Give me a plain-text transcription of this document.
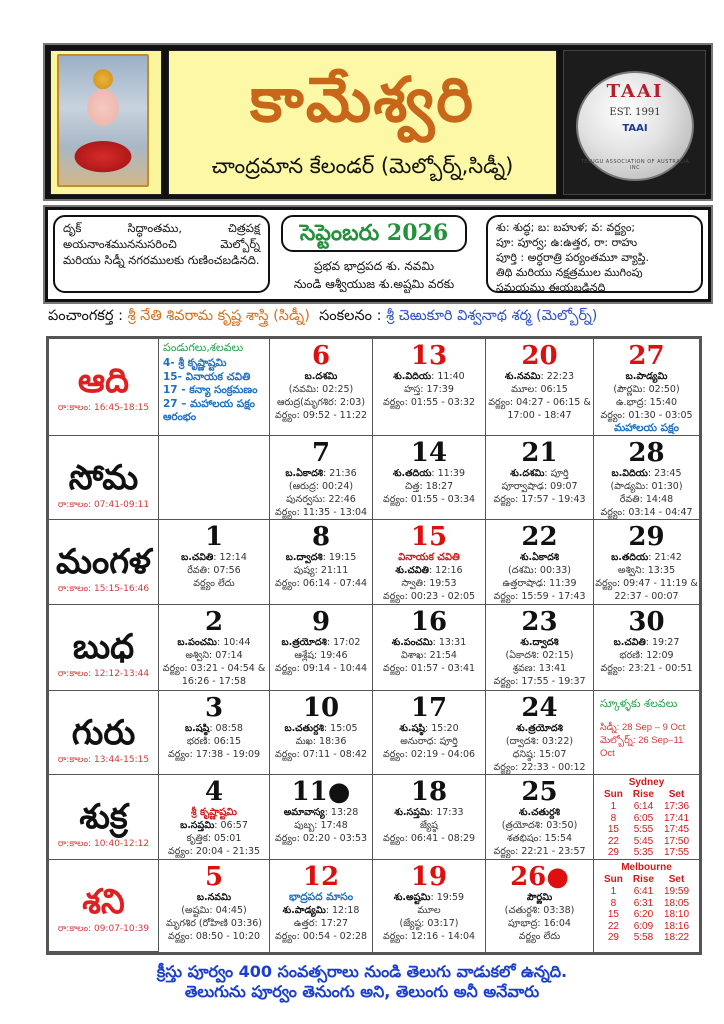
కామేశ్వరి
చాంద్రమాన కేలండర్ (మెల్బోర్న్,సిడ్నీ)
TAAI
EST. 1991
TAAI
TELUGU ASSOCIATION OF AUSTRALIA INC
దృక్ సిద్ధాంతము, చిత్రపక్ష అయనాంశముననుసరించి మెల్బోర్న్ మరియు సిడ్నీ నగరములకు గుణించబడినది.
సెప్టెంబరు 2026
ప్రభవ భాద్రపద శు. నవమి
నుండి ఆశ్వీయుజ శు.అష్టమి వరకు
శు: శుద్ధ; బ: బహుళ; వ: వర్జ్యం;
పూ: పూర్వ; ఉ:ఉత్తర, రా: రాహు
పూర్తి : అర్ధరాత్రి పర్యంతమూ వ్యాప్తి.
తిథి మరియు నక్షత్రముల ముగింపు సమయము ఈయబడినది
పంచాంగకర్త : శ్రీ నేతి శివరామ కృష్ణ శాస్త్రి (సిడ్నీ) సంకలనం : శ్రీ చెఱుకూరి విశ్వనాథ శర్మ (మెల్బోర్న్)
ఆది
రా:కాలం: 16:45-18:15
పండుగలు,శలవలు
4- శ్రీ కృష్ణాష్టమి
15- వినాయక చవితి
17 - కన్యా సంక్రమణం
27 – మహాలయ పక్షం ఆరంభం
6
బ.దశమి
(నవమి: 02:25)
ఆరుద్ర(మృగశిర: 2:03)
వర్జ్యం: 09:52 - 11:22
13
శు.విదియ: 11:40
హస్త: 17:39
వర్జ్యం: 01:55 - 03:32
20
శు.నవమి: 22:23
మూల: 06:15
వర్జ్యం: 04:27 - 06:15 &
17:00 - 18:47
27
బ.పాడ్యమి
(పౌర్ణమి: 02:50)
ఉ.భాద్ర: 15:40
వర్జ్యం: 01:30 - 03:05
మహాలయ పక్షం
సోమ
రా:కాలం: 07:41-09:11
7
బ.ఏకాదశి: 21:36
(ఆరుద్ర: 00:24)
పునర్వసు: 22:46
వర్జ్యం: 11:35 - 13:04
14
శు.తదియ: 11:39
చిత్త: 18:27
వర్జ్యం: 01:55 - 03:34
21
శు.దశమి: పూర్తి
పూర్వాషాఢ: 09:07
వర్జ్యం: 17:57 - 19:43
28
బ.విదియ: 23:45
(పాడ్యమి: 01:30)
రేవతి: 14:48
వర్జ్యం: 03:14 - 04:47
మంగళ
రా:కాలం: 15:15-16:46
1
బ.చవితి: 12:14
రేవతి: 07:56
వర్జ్యం లేదు
8
బ.ద్వాదశి: 19:15
పుష్య: 21:11
వర్జ్యం: 06:14 - 07:44
15
వినాయక చవితి
శు.చవితి: 12:16
స్వాతి: 19:53
వర్జ్యం: 00:23 - 02:05
22
శు.ఏకాదశి
(దశమి: 00:33)
ఉత్తరాషాఢ: 11:39
వర్జ్యం: 15:59 - 17:43
29
బ.తదియ: 21:42
అశ్విని: 13:35
వర్జ్యం: 09:47 - 11:19 &
22:37 - 00:07
బుధ
రా:కాలం: 12:12-13:44
2
బ.పంచమి: 10:44
అశ్విని: 07:14
వర్జ్యం: 03:21 - 04:54 &
16:26 - 17:58
9
బ.త్రయోదశి: 17:02
ఆశ్లేష: 19:46
వర్జ్యం: 09:14 - 10:44
16
శు.పంచమి: 13:31
విశాఖ: 21:54
వర్జ్యం: 01:57 - 03:41
23
శు.ద్వాదశి
(ఏకాదశి: 02:15)
శ్రవణ: 13:41
వర్జ్యం: 17:55 - 19:37
30
బ.చవితి: 19:27
భరణి: 12:09
వర్జ్యం: 23:21 - 00:51
గురు
రా:కాలం: 13:44-15:15
3
బ.షష్ఠి: 08:58
భరణి: 06:15
వర్జ్యం: 17:38 - 19:09
10
బ.చతుర్దశి: 15:05
మఖ: 18:36
వర్జ్యం: 07:11 - 08:42
17
శు.షష్ఠి: 15:20
అనురాధ: పూర్తి
వర్జ్యం: 02:19 - 04:06
24
శు.త్రయోదశి
(ద్వాదశి: 03:22)
ధనిష్ఠ: 15:07
వర్జ్యం: 22:33 - 00:12
స్కూళ్ళకు శలవలు
సిడ్నీ: 28 Sep – 9 Oct
మెల్బోర్న్: 26 Sep–11 Oct
శుక్ర
రా:కాలం: 10:40-12:12
4
శ్రీ కృష్ణాష్టమి
బ.సప్తమి: 06:57
కృత్తిక: 05:01
వర్జ్యం: 20:04 - 21:35
11●
అమావాస్య: 13:28
పుబ్బ: 17:48
వర్జ్యం: 02:20 - 03:53
18
శు.సప్తమి: 17:33
జ్యేష్ఠ
వర్జ్యం: 06:41 - 08:29
25
శు.చతుర్దశి
(త్రయోదశి: 03:50)
శతభిషం: 15:54
వర్జ్యం: 22:21 - 23:57
Sydney
Sun	Rise	Set
1	6:14	17:36
8	6:05	17:41
15	5:55	17:45
22	5:45	17:50
29	5:35	17:55
శని
రా:కాలం: 09:07-10:39
5
బ.నవమి
(అష్టమి: 04:45)
మృగశిర (రోహిణి 03:36)
వర్జ్యం: 08:50 - 10:20
12
భాద్రపద మాసం
శు.పాడ్యమి: 12:18
ఉత్తర: 17:27
వర్జ్యం: 00:54 - 02:28
19
శు.అష్టమి: 19:59
మూల
(జ్యేష్ఠ: 03:17)
వర్జ్యం: 12:16 - 14:04
26●
పౌర్ణమి
(చతుర్దశి: 03:38)
పూభాద్ర: 16:04
వర్జ్యం లేదు
Melbourne
Sun	Rise	Set
1	6:41	19:59
8	6:31	18:05
15	6:20	18:10
22	6:09	18:16
29	5:58	18:22
క్రీస్తు పూర్వం 400 సంవత్సరాలు నుండి తెలుగు వాడుకలో ఉన్నది.
తెలుగును పూర్వం తెనుంగు అని, తెలుంగు అనీ అనేవారు
